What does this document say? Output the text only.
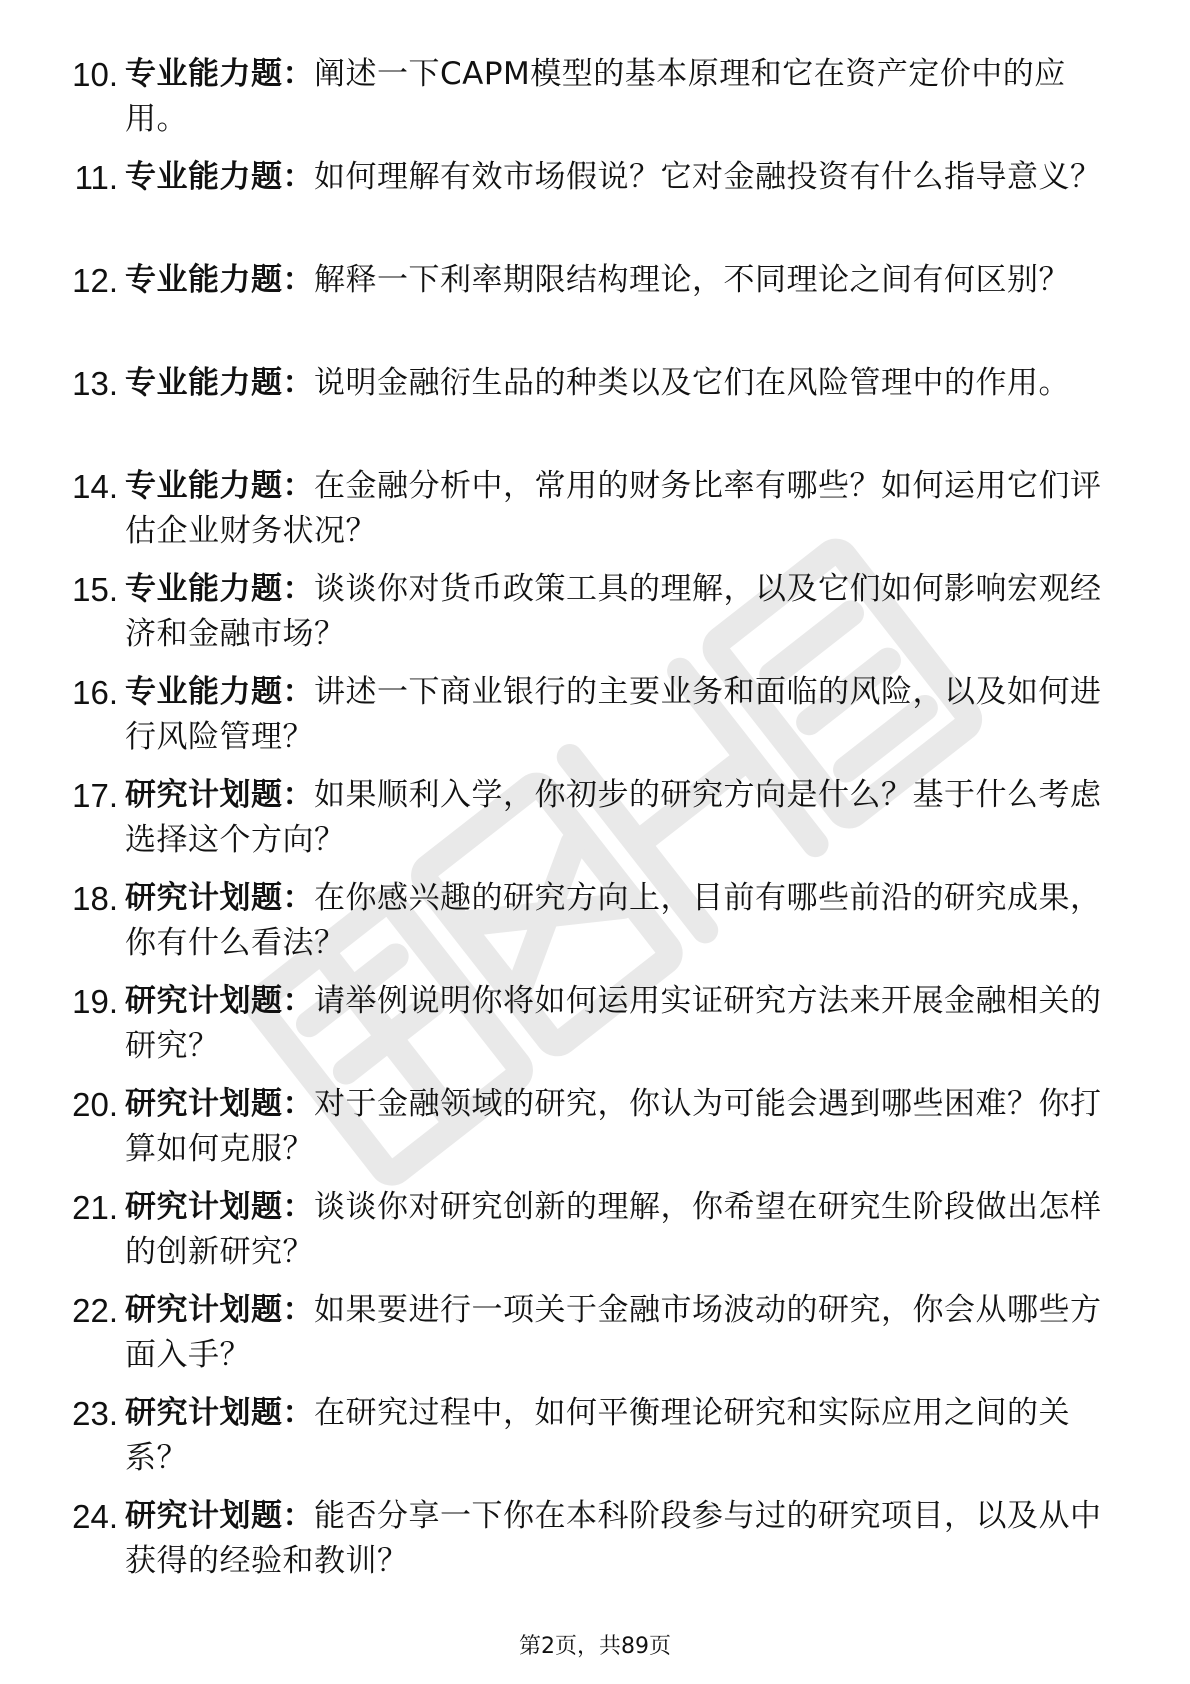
10. 专业能力题：阐述一下CAPM模型的基本原理和它在资产定价中的应用。
11. 专业能力题：如何理解有效市场假说？它对金融投资有什么指导意义？
12. 专业能力题：解释一下利率期限结构理论，不同理论之间有何区别？
13. 专业能力题：说明金融衍生品的种类以及它们在风险管理中的作用。
14. 专业能力题：在金融分析中，常用的财务比率有哪些？如何运用它们评估企业财务状况？
15. 专业能力题：谈谈你对货币政策工具的理解，以及它们如何影响宏观经济和金融市场？
16. 专业能力题：讲述一下商业银行的主要业务和面临的风险，以及如何进行风险管理？
17. 研究计划题：如果顺利入学，你初步的研究方向是什么？基于什么考虑选择这个方向？
18. 研究计划题：在你感兴趣的研究方向上，目前有哪些前沿的研究成果，你有什么看法？
19. 研究计划题：请举例说明你将如何运用实证研究方法来开展金融相关的研究？
20. 研究计划题：对于金融领域的研究，你认为可能会遇到哪些困难？你打算如何克服？
21. 研究计划题：谈谈你对研究创新的理解，你希望在研究生阶段做出怎样的创新研究？
22. 研究计划题：如果要进行一项关于金融市场波动的研究，你会从哪些方面入手？
23. 研究计划题：在研究过程中，如何平衡理论研究和实际应用之间的关系？
24. 研究计划题：能否分享一下你在本科阶段参与过的研究项目，以及从中获得的经验和教训？
第2页，共89页
